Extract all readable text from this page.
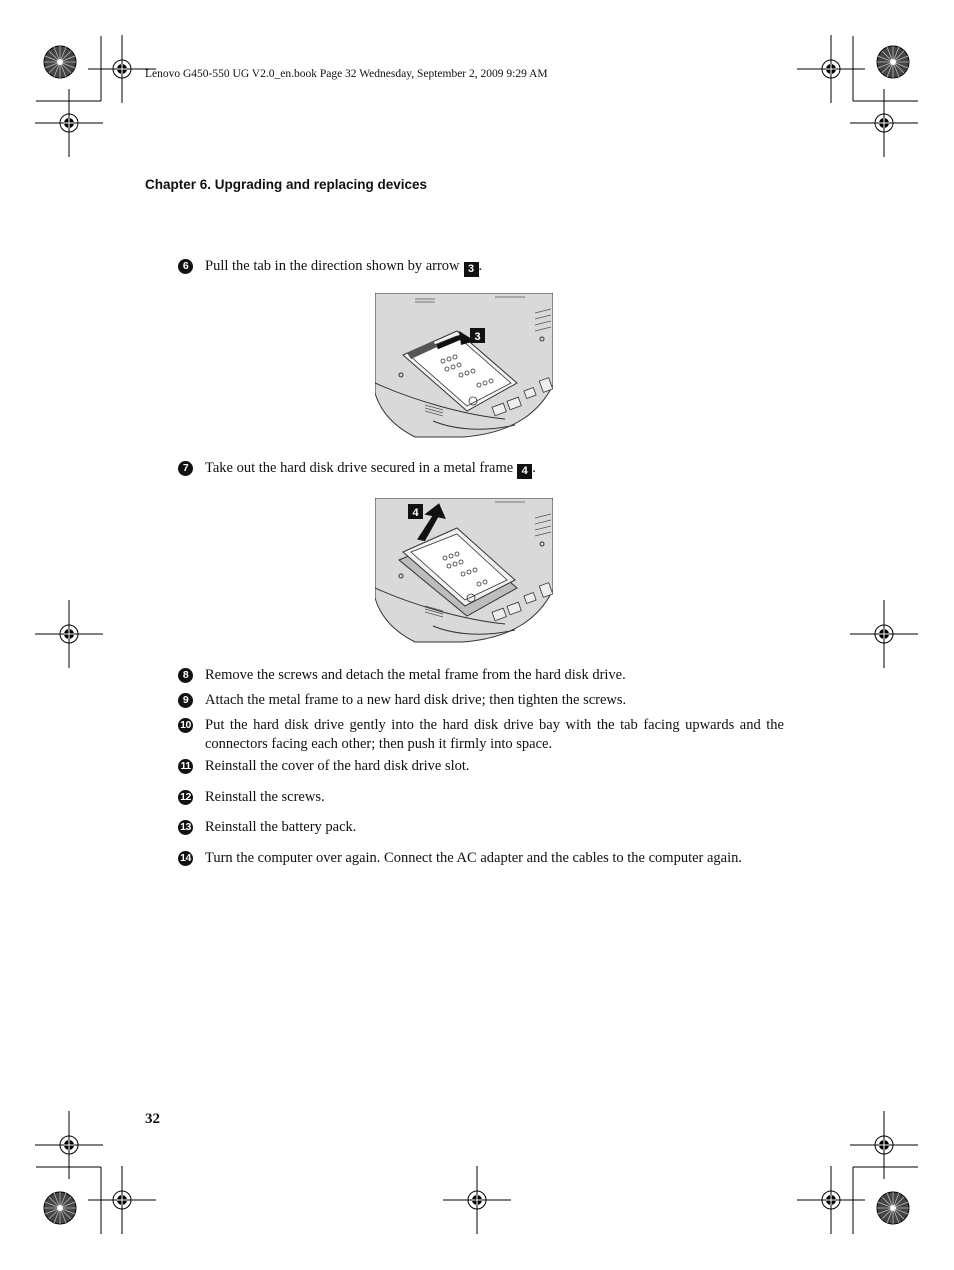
Lenovo G450-550 UG V2.0_en.book Page 32 Wednesday, September 2, 2009 9:29 AM
Chapter 6. Upgrading and replacing devices
6	Pull the tab in the direction shown by arrow 3 .
3
7	Take out the hard disk drive secured in a metal frame 4 .
4
8	Remove the screws and detach the metal frame from the hard disk drive.
9	Attach the metal frame to a new hard disk drive; then tighten the screws.
10 Put the hard disk drive gently into the hard disk drive bay with the tab facing upwards and the connectors facing each other; then push it firmly into space.
11 Reinstall the cover of the hard disk drive slot.
12 Reinstall the screws.
13 Reinstall the battery pack.
14 Turn the computer over again. Connect the AC adapter and the cables to the computer again.
32
